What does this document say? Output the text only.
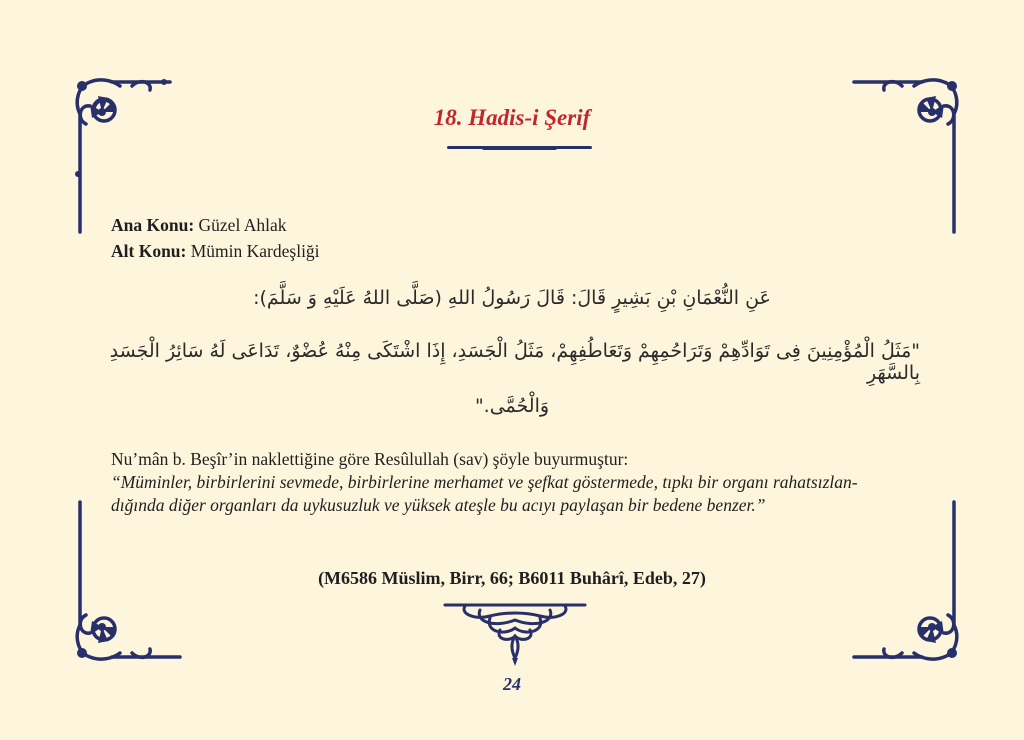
18. Hadis-i Şerif
Ana Konu: Güzel Ahlak
Alt Konu: Mümin Kardeşliği
عَنِ النُّعْمَانِ بْنِ بَشِيرٍ قَالَ: قَالَ رَسُولُ اللهِ (صَلَّى اللهُ عَلَيْهِ وَ سَلَّمَ):
"مَثَلُ الْمُؤْمِنِينَ فِى تَوَادِّهِمْ وَتَرَاحُمِهِمْ وَتَعَاطُفِهِمْ، مَثَلُ الْجَسَدِ، إِذَا اشْتَكَى مِنْهُ عُضْوٌ، تَدَاعَى لَهُ سَائِرُ الْجَسَدِ بِالسَّهَرِ
وَالْحُمَّى."
Nu’mân b. Beşîr’in naklettiğine göre Resûlullah (sav) şöyle buyurmuştur:
“Müminler, birbirlerini sevmede, birbirlerine merhamet ve şefkat göstermede, tıpkı bir organı rahatsızlan-
dığında diğer organları da uykusuzluk ve yüksek ateşle bu acıyı paylaşan bir bedene benzer.”
(M6586 Müslim, Birr, 66; B6011 Buhârî, Edeb, 27)
24
